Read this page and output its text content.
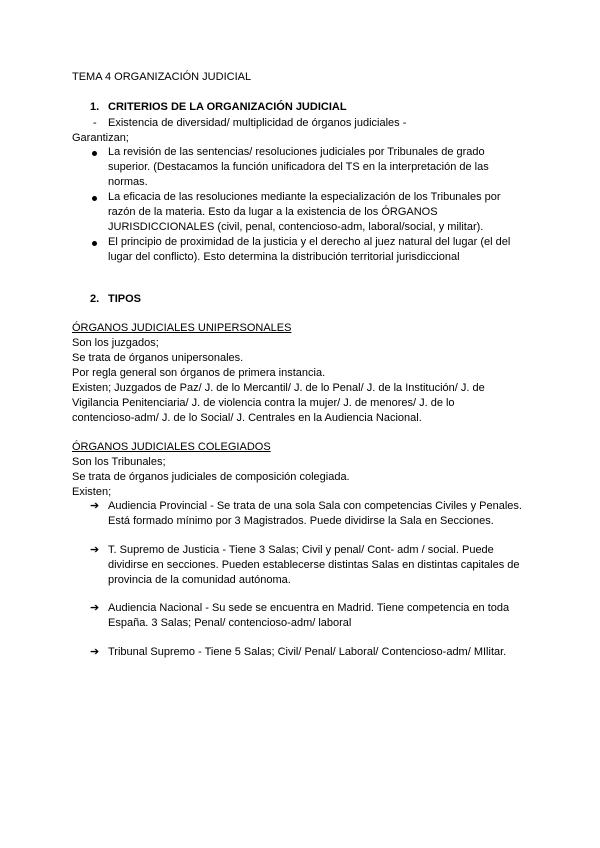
TEMA 4 ORGANIZACIÓN JUDICIAL
1. CRITERIOS DE LA ORGANIZACIÓN JUDICIAL
- Existencia de diversidad/ multiplicidad de órganos judiciales -
Garantizan;
La revisión de las sentencias/ resoluciones judiciales por Tribunales de grado
superior. (Destacamos la función unificadora del TS en la interpretación de las
normas.
La eficacia de las resoluciones mediante la especialización de los Tribunales por
razón de la materia. Esto da lugar a la existencia de los ÓRGANOS
JURISDICCIONALES (civil, penal, contencioso-adm, laboral/social, y militar).
El principio de proximidad de la justicia y el derecho al juez natural del lugar (el del
lugar del conflicto). Esto determina la distribución territorial jurisdiccional
2. TIPOS
ÓRGANOS JUDICIALES UNIPERSONALES
Son los juzgados;
Se trata de órganos unipersonales.
Por regla general son órganos de primera instancia.
Existen; Juzgados de Paz/ J. de lo Mercantil/ J. de lo Penal/ J. de la Institución/ J. de
Vigilancia Penitenciaria/ J. de violencia contra la mujer/ J. de menores/ J. de lo
contencioso-adm/ J. de lo Social/ J. Centrales en la Audiencia Nacional.
ÓRGANOS JUDICIALES COLEGIADOS
Son los Tribunales;
Se trata de órganos judiciales de composición colegiada.
Existen;
➔ Audiencia Provincial - Se trata de una sola Sala con competencias Civiles y Penales.
Está formado mínimo por 3 Magistrados. Puede dividirse la Sala en Secciones.
➔ T. Supremo de Justicia - Tiene 3 Salas; Civil y penal/ Cont- adm / social. Puede
dividirse en secciones. Pueden establecerse distintas Salas en distintas capitales de
provincia de la comunidad autónoma.
➔ Audiencia Nacional - Su sede se encuentra en Madrid. Tiene competencia en toda
España. 3 Salas; Penal/ contencioso-adm/ laboral
➔ Tribunal Supremo - Tiene 5 Salas; Civil/ Penal/ Laboral/ Contencioso-adm/ MIlitar.
